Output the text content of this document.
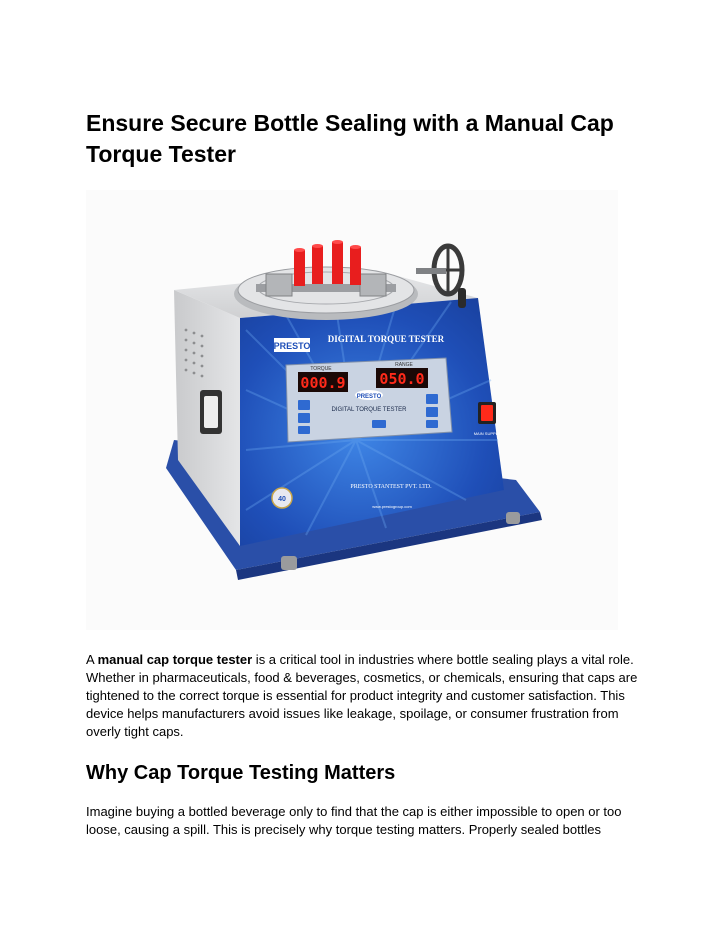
Ensure Secure Bottle Sealing with a Manual Cap Torque Tester
PRESTO
DIGITAL TORQUE TESTER
TORQUE
RANGE
000.9 050.0
PRESTO
DIGITAL TORQUE TESTER
MAIN SUPPLY
PRESTO STANTEST PVT. LTD.
www.prestogroup.com
40

A manual cap torque tester is a critical tool in industries where bottle sealing plays a vital role. Whether in pharmaceuticals, food & beverages, cosmetics, or chemicals, ensuring that caps are tightened to the correct torque is essential for product integrity and customer satisfaction. This device helps manufacturers avoid issues like leakage, spoilage, or consumer frustration from overly tight caps.

Why Cap Torque Testing Matters

Imagine buying a bottled beverage only to find that the cap is either impossible to open or too loose, causing a spill. This is precisely why torque testing matters. Properly sealed bottles
